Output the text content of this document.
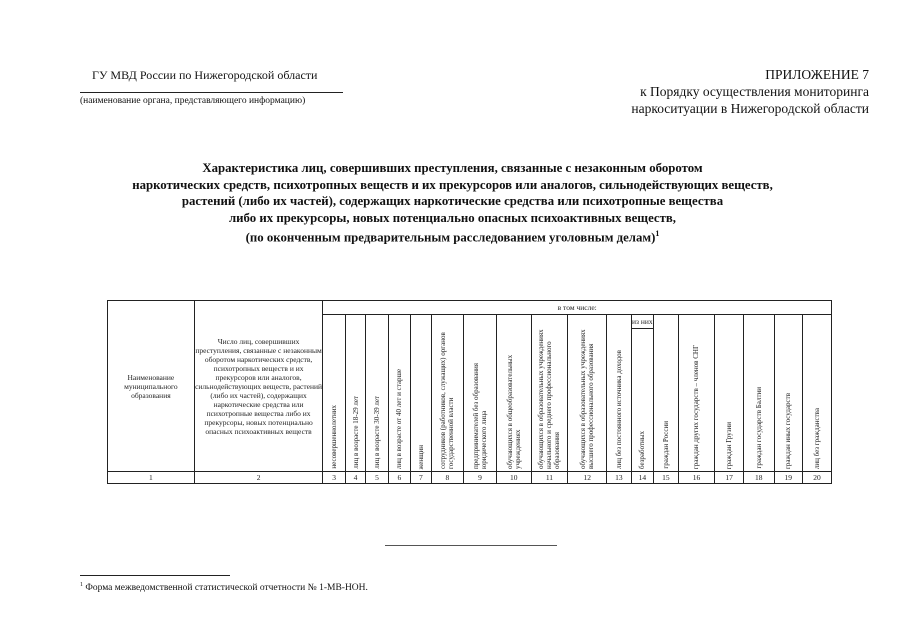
ГУ МВД России по Нижегородской области
(наименование органа, представляющего информацию)
ПРИЛОЖЕНИЕ 7
к Порядку осуществления мониторинга
наркоситуации в Нижегородской области
Характеристика лиц, совершивших преступления, связанные с незаконным оборотом
наркотических средств, психотропных веществ и их прекурсоров или аналогов, сильнодействующих веществ,
растений (либо их частей), содержащих наркотические средства или психотропные вещества
либо их прекурсоры, новых потенциально опасных психоактивных веществ,
(по оконченным предварительным расследованием уголовным делам)$^1$
Наименование муниципального образования	Число лиц, совершивших преступления, связанные с незаконным оборотом наркотических средств, психотропных веществ и их прекурсоров или аналогов, сильнодействующих веществ, растений (либо их частей), содержащих наркотические средства или психотропные вещества либо их прекурсоры, новых потенциально опасных психоактивных веществ	в том числе:																	
		несовершеннолетних	лиц в возрасте 18-29 лет	лиц в возрасте 30-39 лет	лиц в возрасте от 40 лет и старше	женщин	сотрудников (работников, служащих) органов государственной власти	предпринимателей без образования юридического лица	обучающихся в общеобразовательных учреждениях	обучающихся в образовательных учреждениях начального и среднего профессионального образования	обучающихся в образовательных учреждениях высшего профессионального образования	лиц без постоянного источника доходов	из них	граждан России	граждан других государств – членов СНГ	граждан Грузии	граждан государств Балтии	граждан иных государств	лиц без гражданства
													безработных						
1	2	3	4	5	6	7	8	9	10	11	12	13	14	15	16	17	18	19	20
$^1$ Форма межведомственной статистической отчетности № 1-МВ-НОН.
